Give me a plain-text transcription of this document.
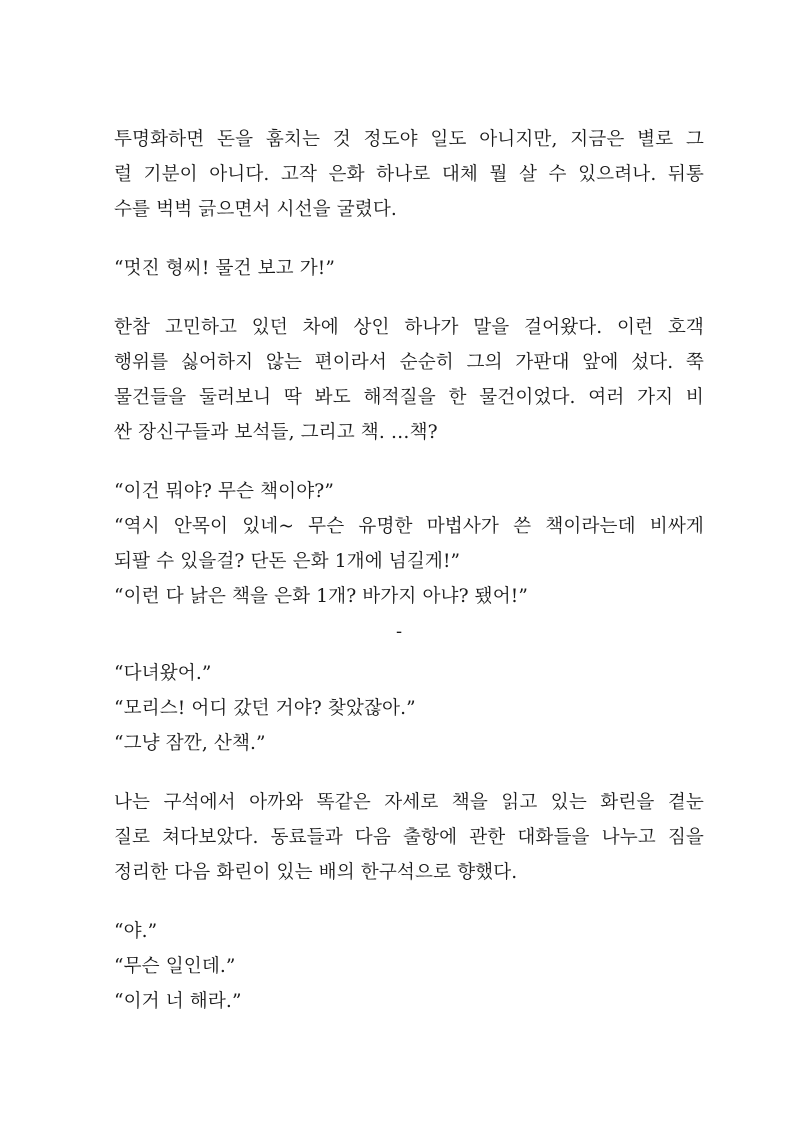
투명화하면 돈을 훔치는 것 정도야 일도 아니지만, 지금은 별로 그
럴 기분이 아니다. 고작 은화 하나로 대체 뭘 살 수 있으려나. 뒤통
수를 벅벅 긁으면서 시선을 굴렸다.
“멋진 형씨! 물건 보고 가!”
한참 고민하고 있던 차에 상인 하나가 말을 걸어왔다. 이런 호객
행위를 싫어하지 않는 편이라서 순순히 그의 가판대 앞에 섰다. 쭉
물건들을 둘러보니 딱 봐도 해적질을 한 물건이었다. 여러 가지 비
싼 장신구들과 보석들, 그리고 책. …책?
“이건 뭐야? 무슨 책이야?”
“역시 안목이 있네~ 무슨 유명한 마법사가 쓴 책이라는데 비싸게
되팔 수 있을걸? 단돈 은화 1개에 넘길게!”
“이런 다 낡은 책을 은화 1개? 바가지 아냐? 됐어!”
-
“다녀왔어.”
“모리스! 어디 갔던 거야? 찾았잖아.”
“그냥 잠깐, 산책.”
나는 구석에서 아까와 똑같은 자세로 책을 읽고 있는 화린을 곁눈
질로 쳐다보았다. 동료들과 다음 출항에 관한 대화들을 나누고 짐을
정리한 다음 화린이 있는 배의 한구석으로 향했다.
“야.”
“무슨 일인데.”
“이거 너 해라.”
